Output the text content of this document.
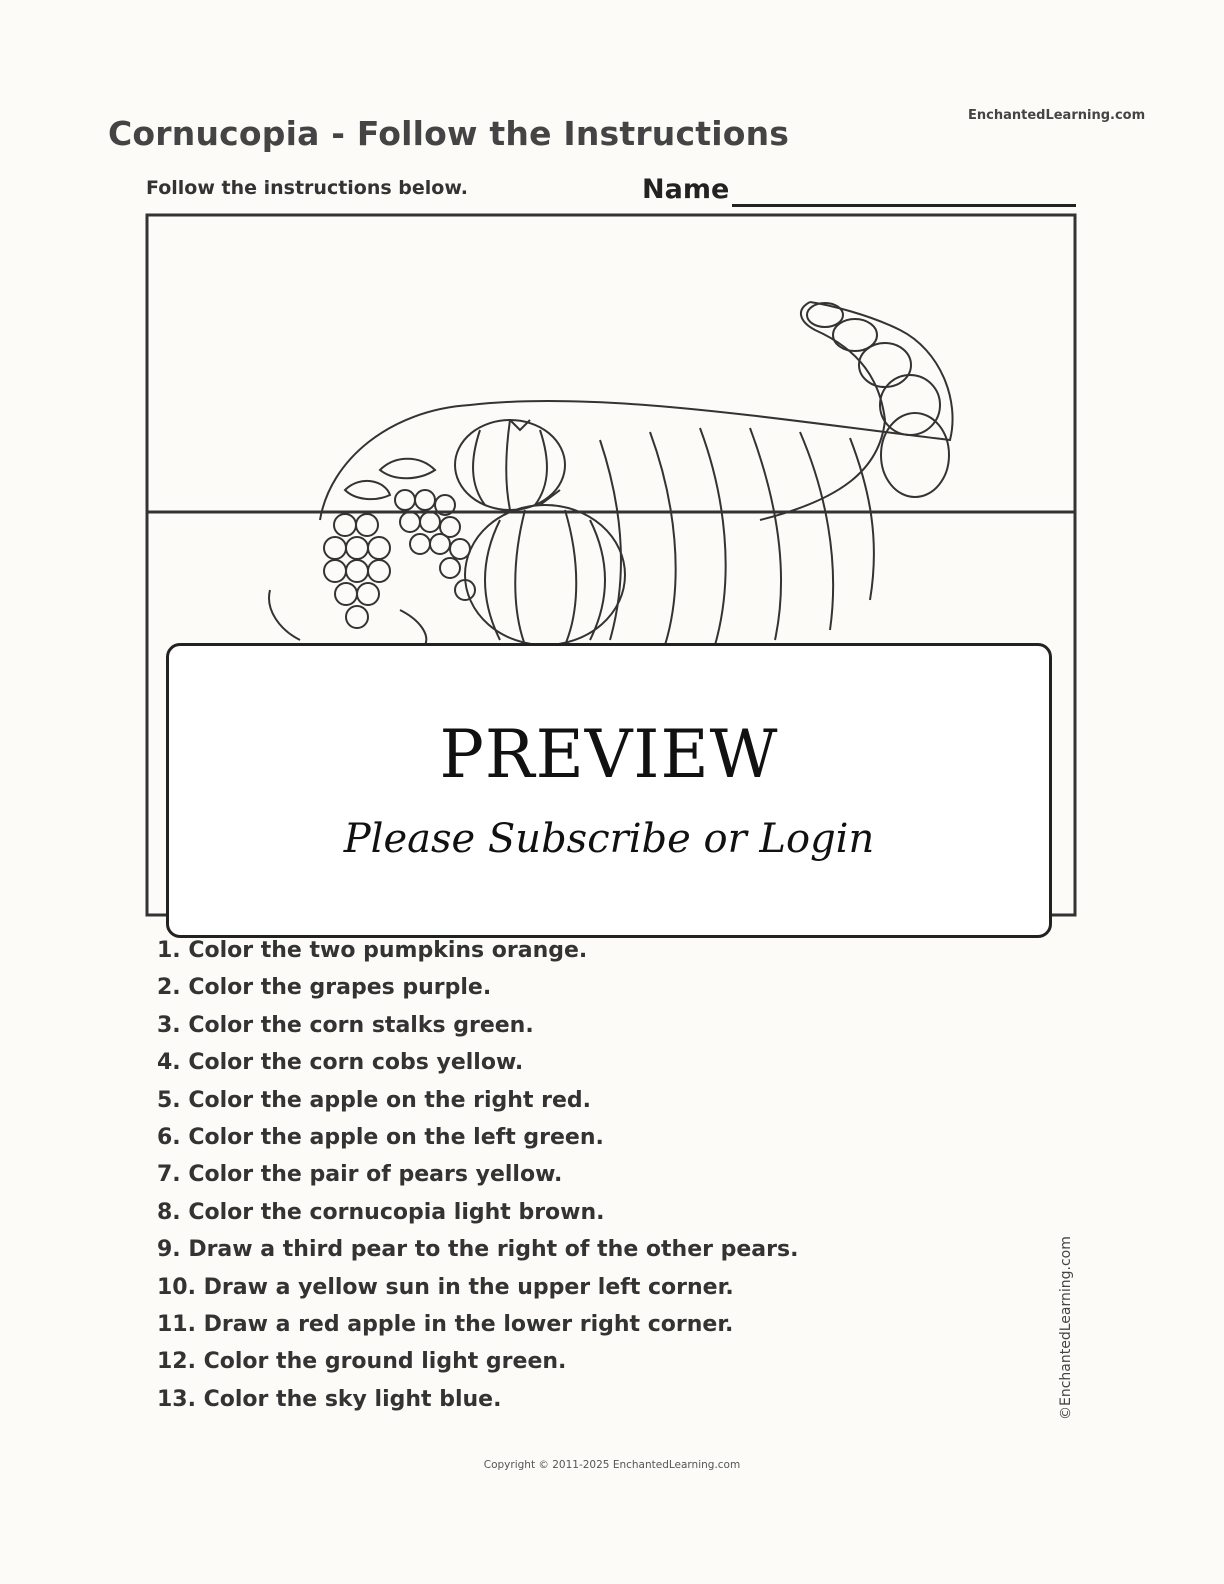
EnchantedLearning.com
Cornucopia - Follow the Instructions
Follow the instructions below.	Name
PREVIEW
Please Subscribe or Login
1. Color the two pumpkins orange.
2. Color the grapes purple.
3. Color the corn stalks green.
4. Color the corn cobs yellow.
5. Color the apple on the right red.
6. Color the apple on the left green.
7. Color the pair of pears yellow.
8. Color the cornucopia light brown.
9. Draw a third pear to the right of the other pears.
10. Draw a yellow sun in the upper left corner.
11. Draw a red apple in the lower right corner.
12. Color the ground light green.
13. Color the sky light blue.	©EnchantedLearning.com
Copyright © 2011-2025 EnchantedLearning.com
